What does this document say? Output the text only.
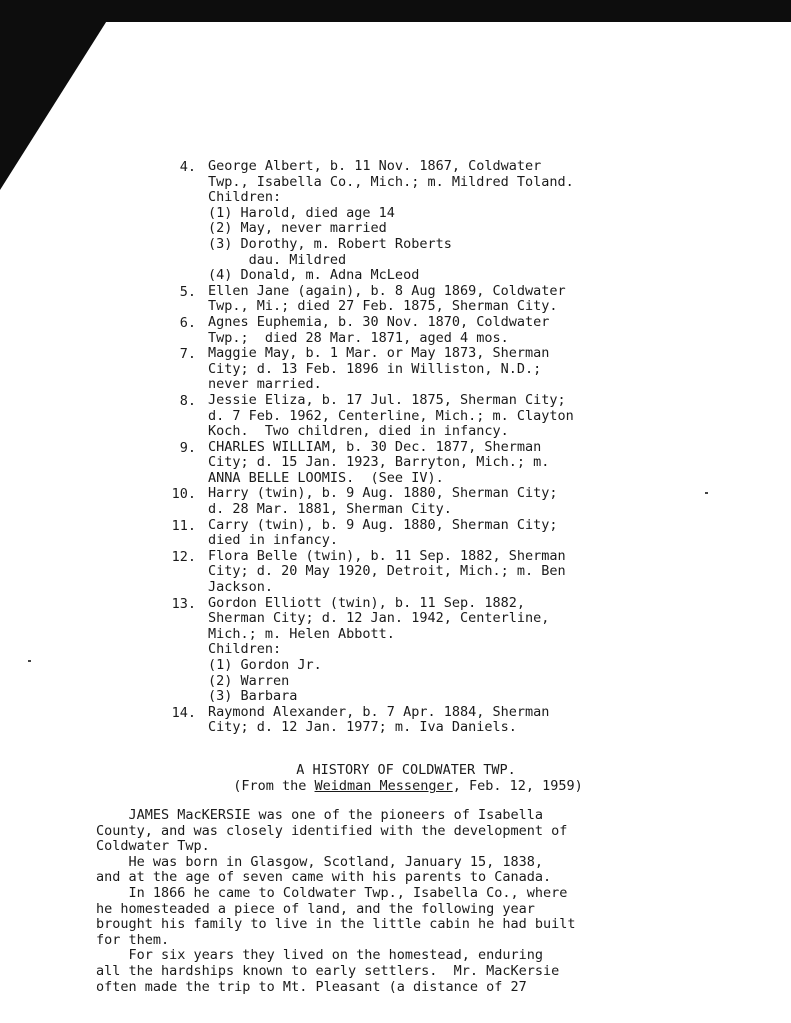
4. George Albert, b. 11 Nov. 1867, Coldwater
Twp., Isabella Co., Mich.; m. Mildred Toland.
Children:
(1) Harold, died age 14
(2) May, never married
(3) Dorothy, m. Robert Roberts
dau. Mildred
(4) Donald, m. Adna McLeod
5. Ellen Jane (again), b. 8 Aug 1869, Coldwater
Twp., Mi.; died 27 Feb. 1875, Sherman City.
6. Agnes Euphemia, b. 30 Nov. 1870, Coldwater
Twp.;  died 28 Mar. 1871, aged 4 mos.
7. Maggie May, b. 1 Mar. or May 1873, Sherman
City; d. 13 Feb. 1896 in Williston, N.D.;
never married.
8. Jessie Eliza, b. 17 Jul. 1875, Sherman City;
d. 7 Feb. 1962, Centerline, Mich.; m. Clayton
Koch.  Two children, died in infancy.
9. CHARLES WILLIAM, b. 30 Dec. 1877, Sherman
City; d. 15 Jan. 1923, Barryton, Mich.; m.
ANNA BELLE LOOMIS.  (See IV).
10. Harry (twin), b. 9 Aug. 1880, Sherman City;
d. 28 Mar. 1881, Sherman City.
11. Carry (twin), b. 9 Aug. 1880, Sherman City;
died in infancy.
12. Flora Belle (twin), b. 11 Sep. 1882, Sherman
City; d. 20 May 1920, Detroit, Mich.; m. Ben
Jackson.
13. Gordon Elliott (twin), b. 11 Sep. 1882,
Sherman City; d. 12 Jan. 1942, Centerline,
Mich.; m. Helen Abbott.
Children:
(1) Gordon Jr.
(2) Warren
(3) Barbara
14. Raymond Alexander, b. 7 Apr. 1884, Sherman
City; d. 12 Jan. 1977; m. Iva Daniels.
A HISTORY OF COLDWATER TWP.
(From the Weidman Messenger, Feb. 12, 1959)
JAMES MacKERSIE was one of the pioneers of Isabella
County, and was closely identified with the development of
Coldwater Twp.
He was born in Glasgow, Scotland, January 15, 1838,
and at the age of seven came with his parents to Canada.
In 1866 he came to Coldwater Twp., Isabella Co., where
he homesteaded a piece of land, and the following year
brought his family to live in the little cabin he had built
for them.
For six years they lived on the homestead, enduring
all the hardships known to early settlers.  Mr. MacKersie
often made the trip to Mt. Pleasant (a distance of 27
